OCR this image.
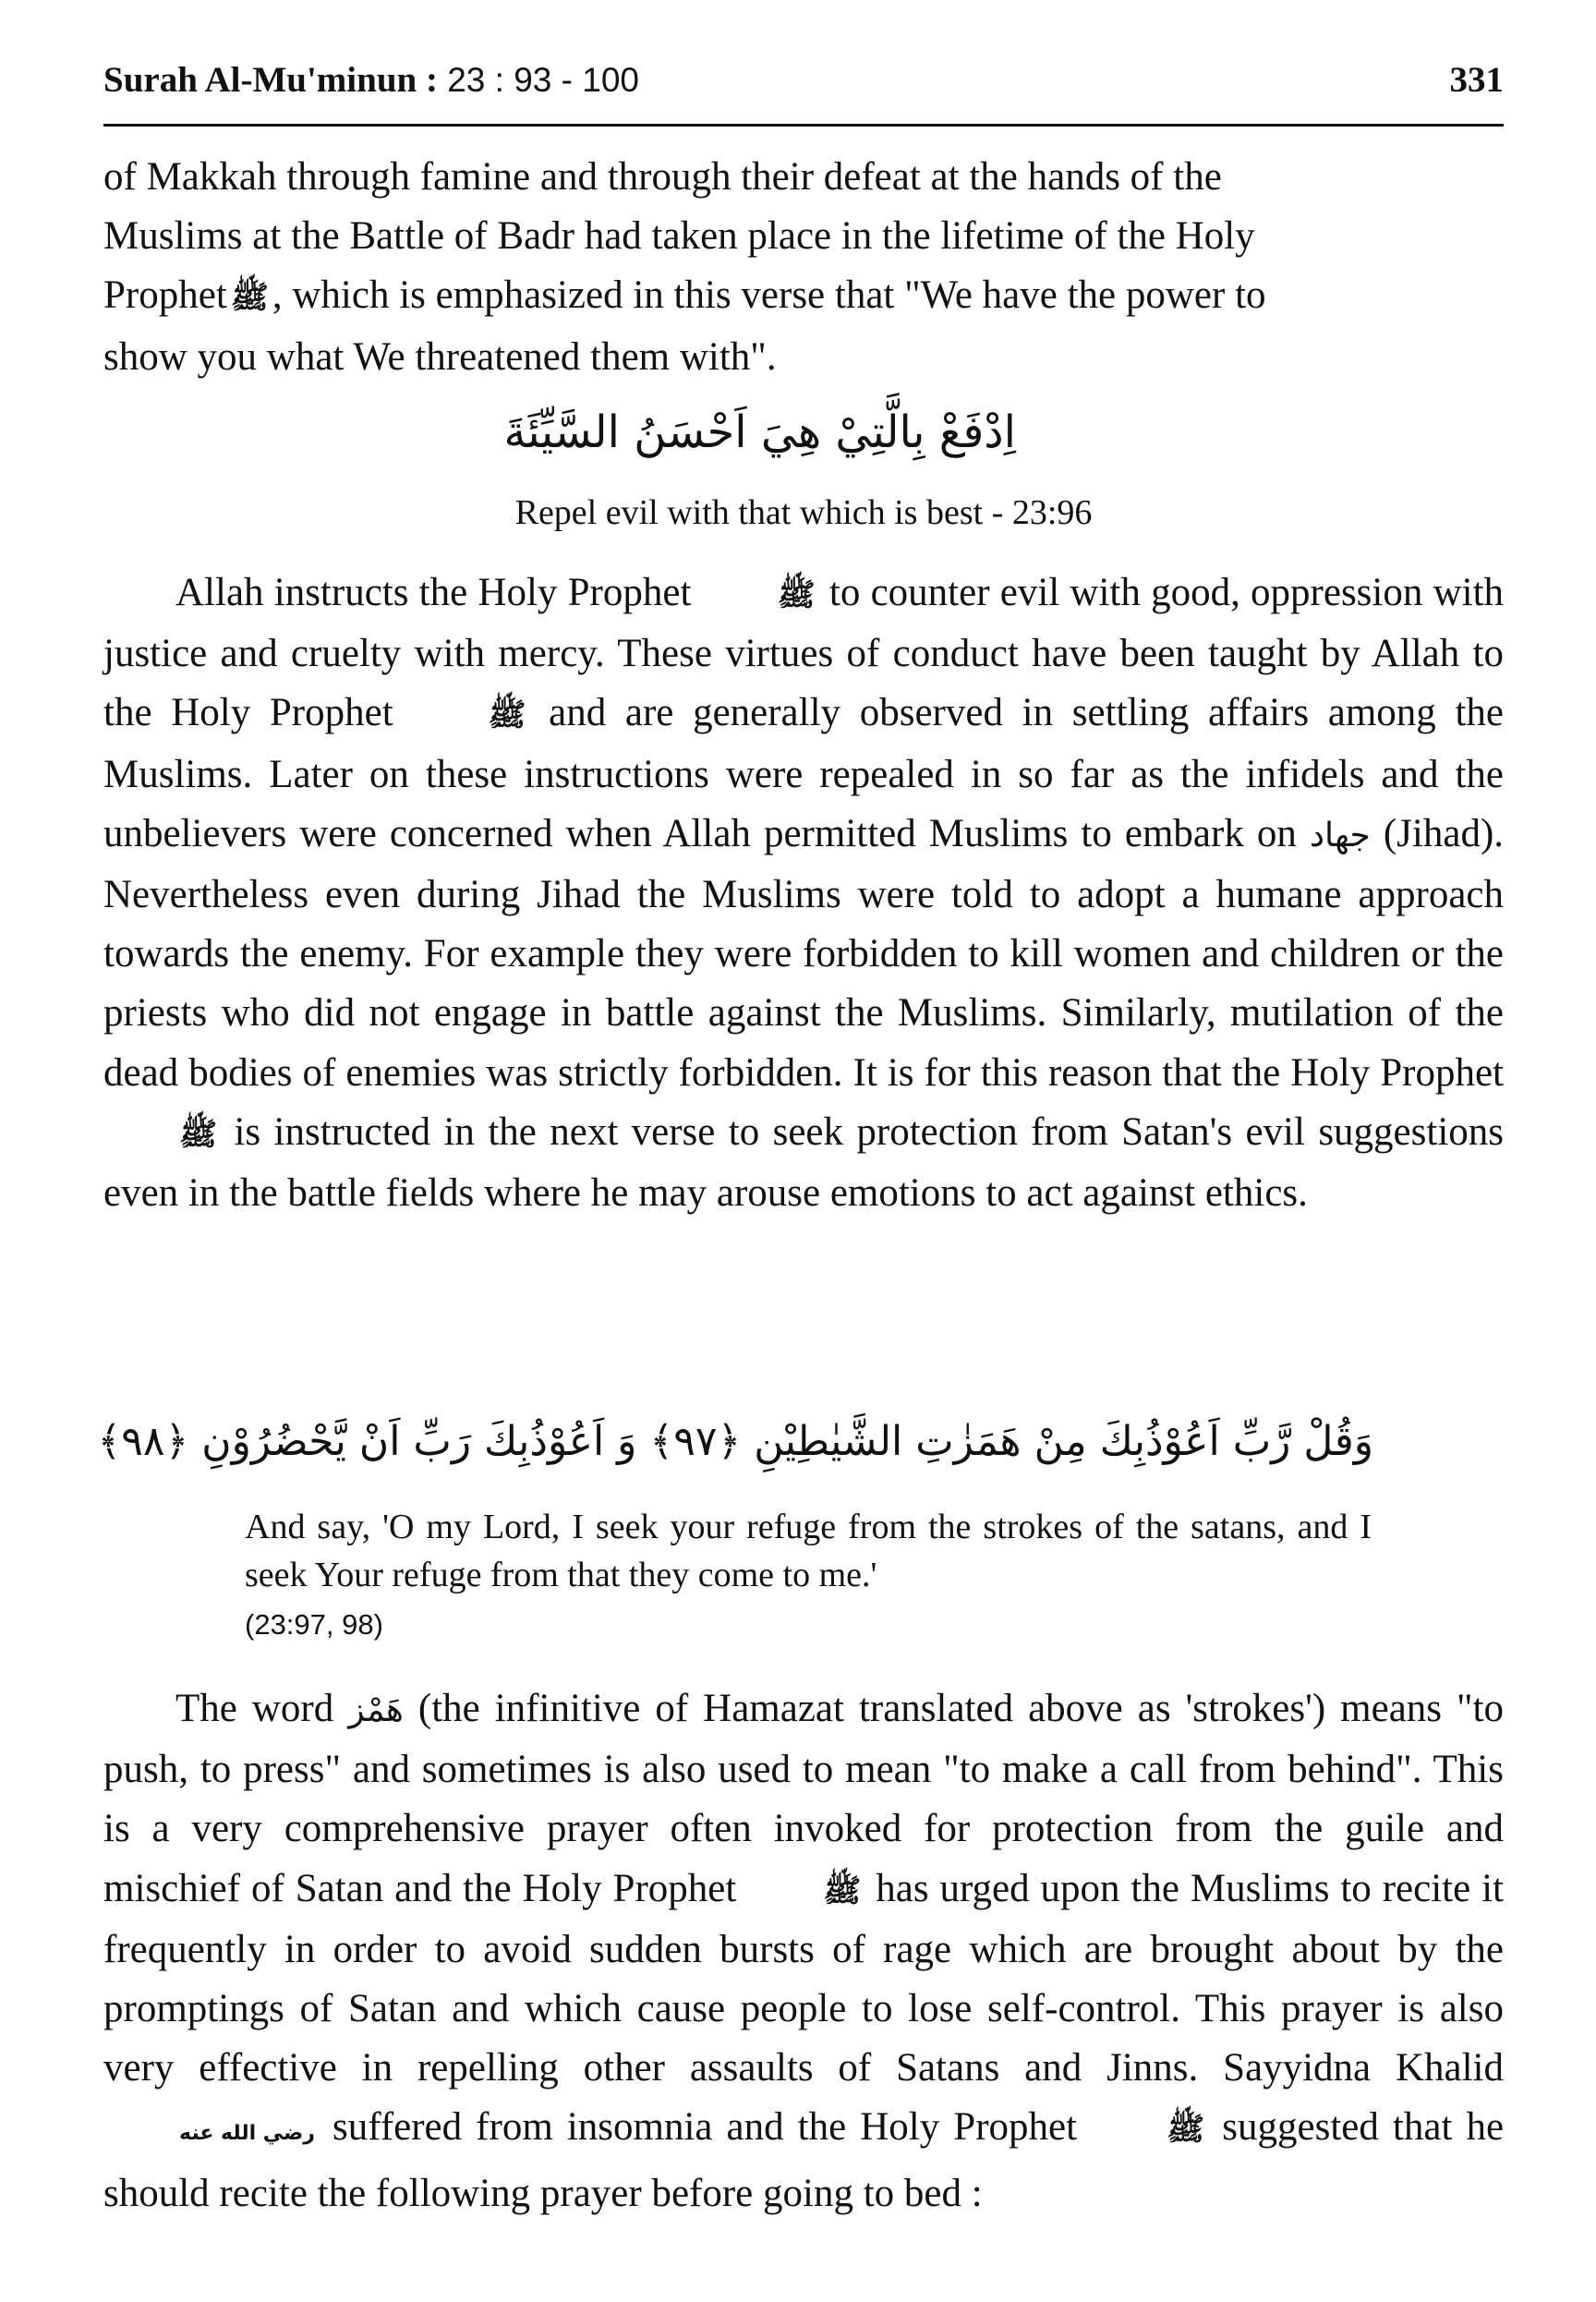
Surah Al-Mu'minun : 23 : 93 - 100	331

of Makkah through famine and through their defeat at the hands of the
Muslims at the Battle of Badr had taken place in the lifetime of the Holy
Prophet ﷺ, which is emphasized in this verse that "We have the power to
show you what We threatened them with".

اِدْفَعْ بِالَّتِيْ هِيَ اَحْسَنُ السَّيِّئَةَ
Repel evil with that which is best - 23:96

Allah instructs the Holy Prophet	ﷺ to counter evil with good, oppression with justice and cruelty with mercy. These virtues of conduct have been taught by Allah to the Holy Prophet	ﷺ and are generally observed in settling affairs among the Muslims. Later on these instructions were repealed in so far as the infidels and the unbelievers were concerned when Allah permitted Muslims to embark on جهاد (Jihad). Nevertheless even during Jihad the Muslims were told to adopt a humane approach towards the enemy. For example they were forbidden to kill women and children or the priests who did not engage in battle against the Muslims. Similarly, mutilation of the dead bodies of enemies was strictly forbidden. It is for this reason that the Holy Prophet ﷺ is instructed in the next verse to seek protection from Satan's evil suggestions even in the battle fields where he may arouse emotions to act against ethics.

وَقُلْ رَّبِّ اَعُوْذُبِكَ مِنْ هَمَزٰتِ الشَّيٰطِيْنِ ﴿٩٧﴾ وَ اَعُوْذُبِكَ رَبِّ اَنْ يَّحْضُرُوْنِ ﴿٩٨﴾

And say, 'O my Lord, I seek your refuge from the strokes of the satans, and I seek Your refuge from that they come to me.'
(23:97, 98)

The word هَمْز (the infinitive of Hamazat translated above as 'strokes') means "to push, to press" and sometimes is also used to mean "to make a call from behind". This is a very comprehensive prayer often invoked for protection from the guile and mischief of Satan and the Holy Prophet	ﷺ has urged upon the Muslims to recite it frequently in order to avoid sudden bursts of rage which are brought about by the promptings of Satan and which cause people to lose self-control. This prayer is also very effective in repelling other assaults of Satans and Jinns. Sayyidna Khalid رضي الله عنه suffered from insomnia and the Holy Prophet	ﷺ suggested that he should recite the following prayer before going to bed :
